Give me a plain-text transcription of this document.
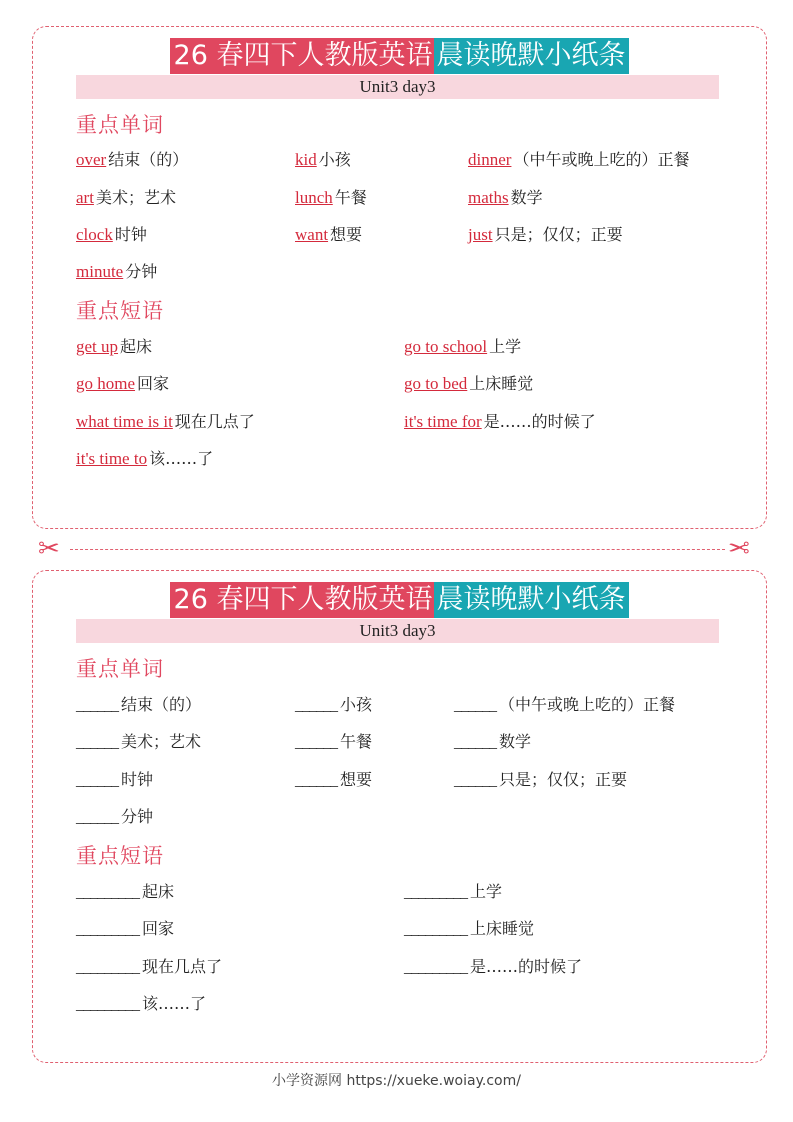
26 春四下人教版英语 晨读晚默小纸条
Unit3 day3
重点单词
over 结束（的）	kid 小孩	dinner （中午或晚上吃的）正餐
art 美术；艺术	lunch 午餐	maths 数学
clock 时钟	want 想要	just 只是；仅仅；正要
minute 分钟
重点短语
get up 起床	go to school 上学
go home 回家	go to bed 上床睡觉
what time is it 现在几点了	it's time for 是……的时候了
it's time to 该……了
✂	✂
26 春四下人教版英语 晨读晚默小纸条
Unit3 day3
重点单词
______ 结束（的）	______ 小孩	______ （中午或晚上吃的）正餐
______ 美术；艺术	______ 午餐	______ 数学
______ 时钟	______ 想要	______ 只是；仅仅；正要
______ 分钟
重点短语
_________ 起床	_________ 上学
_________ 回家	_________ 上床睡觉
_________ 现在几点了	_________ 是……的时候了
_________ 该……了
小学资源网 https://xueke.woiay.com/
